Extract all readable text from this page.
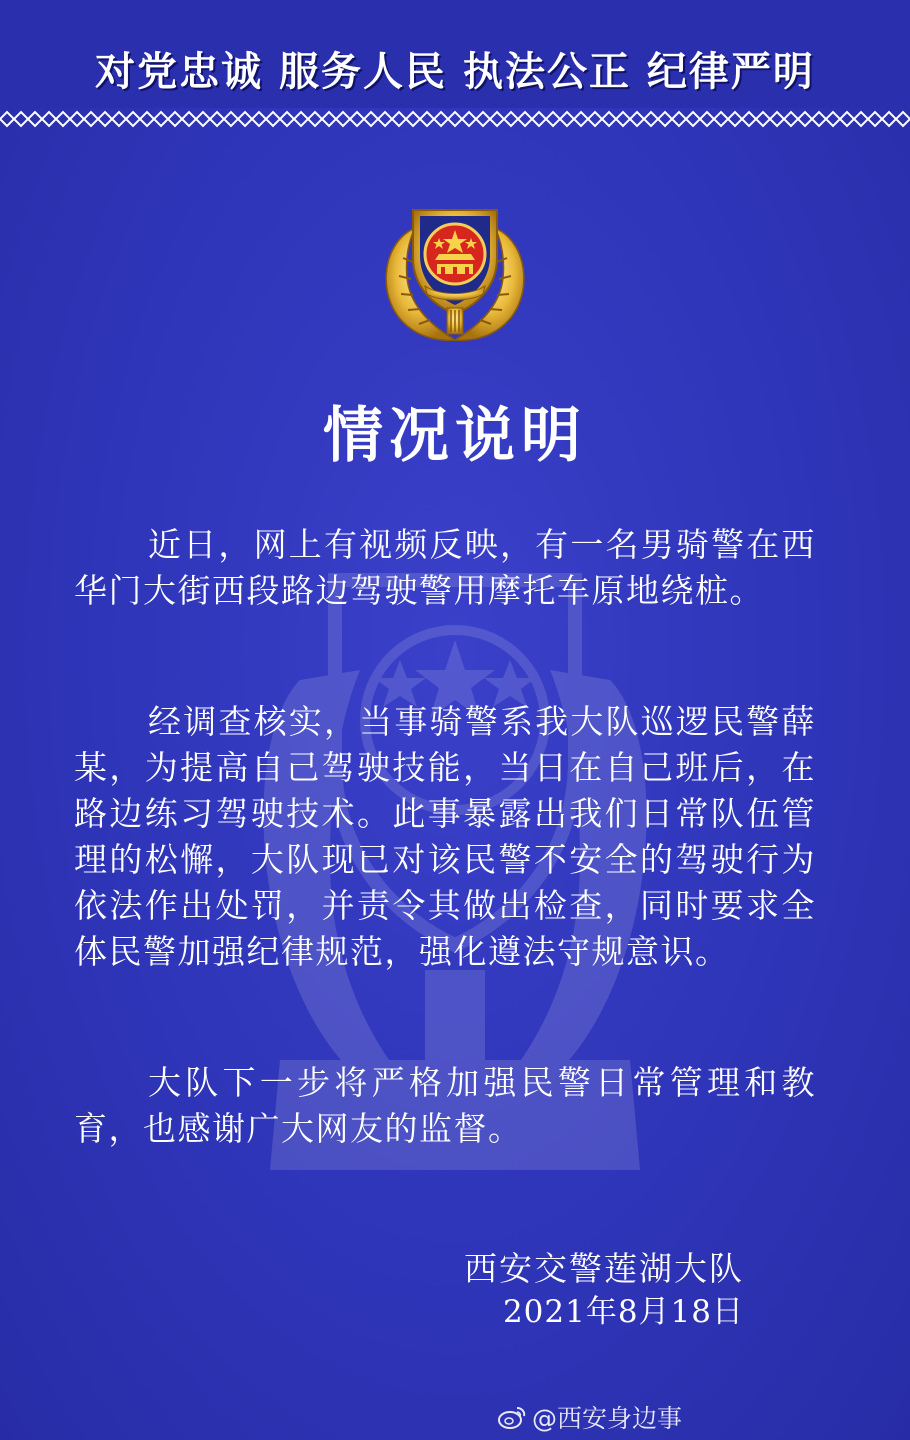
对党忠诚 服务人民 执法公正 纪律严明
情况说明
近日，网上有视频反映，有一名男骑警在西华门大街西段路边驾驶警用摩托车原地绕桩。
经调查核实，当事骑警系我大队巡逻民警薛某，为提高自己驾驶技能，当日在自己班后，在路边练习驾驶技术。此事暴露出我们日常队伍管理的松懈，大队现已对该民警不安全的驾驶行为依法作出处罚，并责令其做出检查，同时要求全体民警加强纪律规范，强化遵法守规意识。
大队下一步将严格加强民警日常管理和教育，也感谢广大网友的监督。
西安交警莲湖大队
2021年8月18日
@西安身边事
